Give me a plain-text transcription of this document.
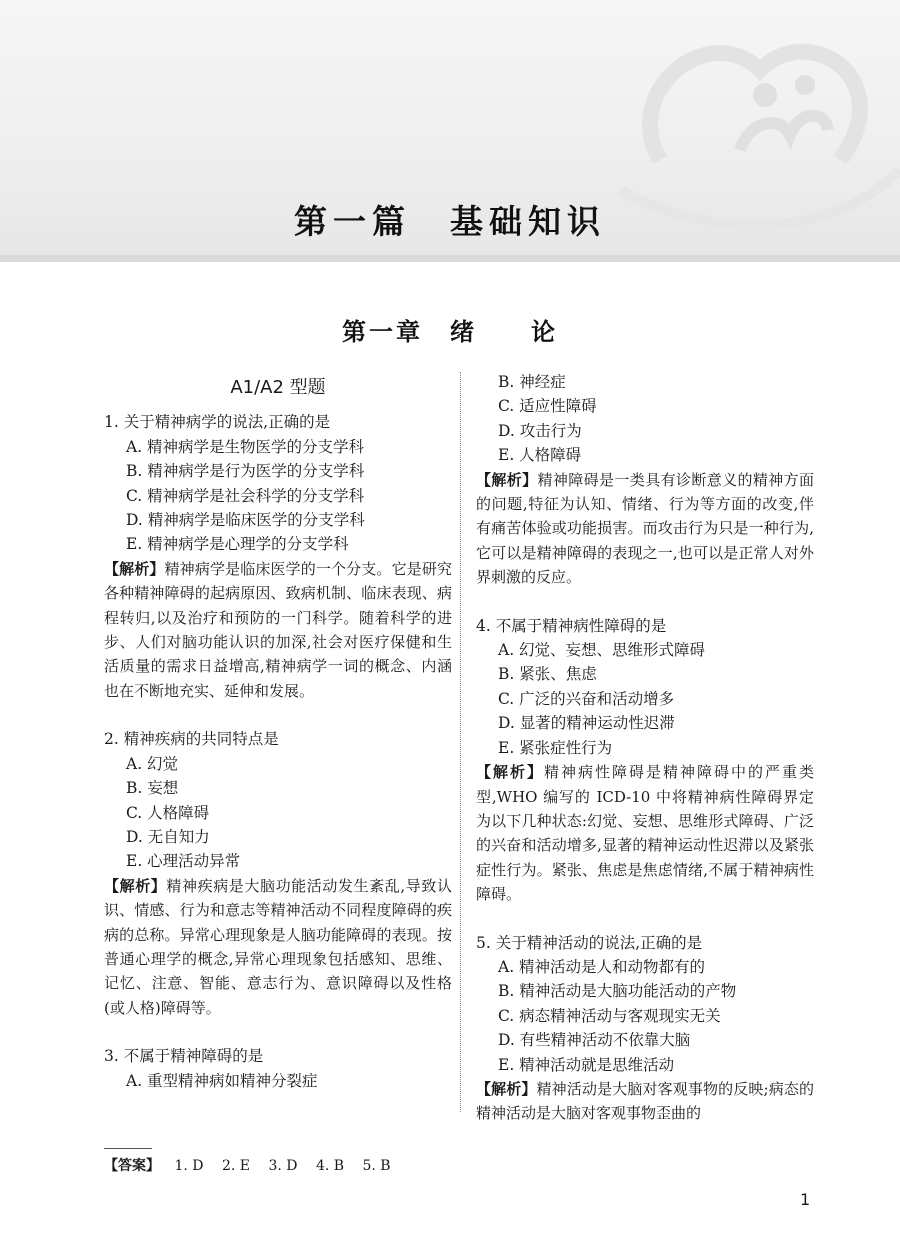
第一篇　基础知识
第一章　绪　　论
A1/A2 型题
1. 关于精神病学的说法,正确的是
A. 精神病学是生物医学的分支学科
B. 精神病学是行为医学的分支学科
C. 精神病学是社会科学的分支学科
D. 精神病学是临床医学的分支学科
E. 精神病学是心理学的分支学科
【解析】精神病学是临床医学的一个分支。它是研究各种精神障碍的起病原因、致病机制、临床表现、病程转归,以及治疗和预防的一门科学。随着科学的进步、人们对脑功能认识的加深,社会对医疗保健和生活质量的需求日益增高,精神病学一词的概念、内涵也在不断地充实、延伸和发展。
2. 精神疾病的共同特点是
A. 幻觉
B. 妄想
C. 人格障碍
D. 无自知力
E. 心理活动异常
【解析】精神疾病是大脑功能活动发生紊乱,导致认识、情感、行为和意志等精神活动不同程度障碍的疾病的总称。异常心理现象是人脑功能障碍的表现。按普通心理学的概念,异常心理现象包括感知、思维、记忆、注意、智能、意志行为、意识障碍以及性格(或人格)障碍等。
3. 不属于精神障碍的是
A. 重型精神病如精神分裂症
B. 神经症
C. 适应性障碍
D. 攻击行为
E. 人格障碍
【解析】精神障碍是一类具有诊断意义的精神方面的问题,特征为认知、情绪、行为等方面的改变,伴有痛苦体验或功能损害。而攻击行为只是一种行为,它可以是精神障碍的表现之一,也可以是正常人对外界刺激的反应。
4. 不属于精神病性障碍的是
A. 幻觉、妄想、思维形式障碍
B. 紧张、焦虑
C. 广泛的兴奋和活动增多
D. 显著的精神运动性迟滞
E. 紧张症性行为
【解析】精神病性障碍是精神障碍中的严重类型,WHO 编写的 ICD-10 中将精神病性障碍界定为以下几种状态:幻觉、妄想、思维形式障碍、广泛的兴奋和活动增多,显著的精神运动性迟滞以及紧张症性行为。紧张、焦虑是焦虑情绪,不属于精神病性障碍。
5. 关于精神活动的说法,正确的是
A. 精神活动是人和动物都有的
B. 精神活动是大脑功能活动的产物
C. 病态精神活动与客观现实无关
D. 有些精神活动不依靠大脑
E. 精神活动就是思维活动
【解析】精神活动是大脑对客观事物的反映;病态的精神活动是大脑对客观事物歪曲的
【答案】 1. D 2. E 3. D 4. B 5. B
1
